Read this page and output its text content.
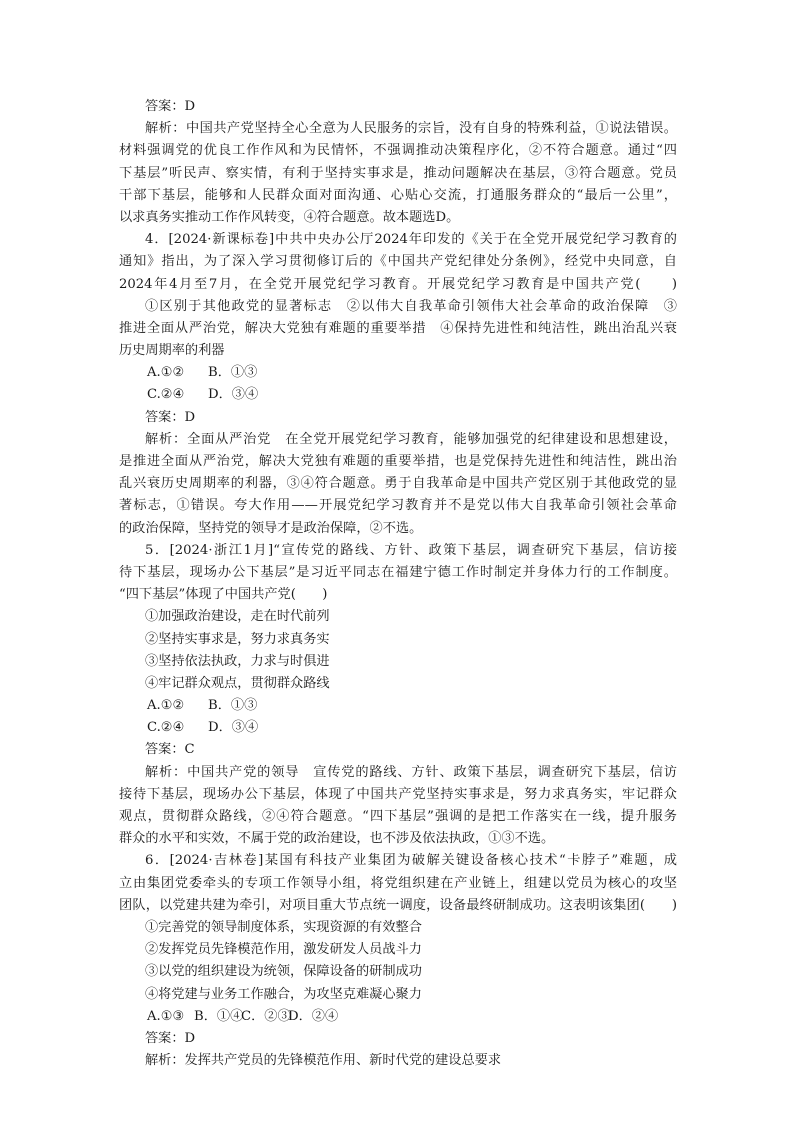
答案：D
解析：中国共产党坚持全心全意为人民服务的宗旨，没有自身的特殊利益，①说法错误。
材料强调党的优良工作作风和为民情怀，不强调推动决策程序化，②不符合题意。通过“四
下基层”听民声、察实情，有利于坚持实事求是，推动问题解决在基层，③符合题意。党员
干部下基层，能够和人民群众面对面沟通、心贴心交流，打通服务群众的“最后一公里”，
以求真务实推动工作作风转变，④符合题意。故本题选D。
4．[2024·新课标卷]中共中央办公厅2024年印发的《关于在全党开展党纪学习教育的
通知》指出，为了深入学习贯彻修订后的《中国共产党纪律处分条例》，经党中央同意，自
2024年4月至7月，在全党开展党纪学习教育。开展党纪学习教育是中国共产党(　　)
①区别于其他政党的显著标志　②以伟大自我革命引领伟大社会革命的政治保障　③
推进全面从严治党，解决大党独有难题的重要举措　④保持先进性和纯洁性，跳出治乱兴衰
历史周期率的利器
A.①② B．①③
C.②④ D．③④
答案：D
解析：全面从严治党　在全党开展党纪学习教育，能够加强党的纪律建设和思想建设，
是推进全面从严治党，解决大党独有难题的重要举措，也是党保持先进性和纯洁性，跳出治
乱兴衰历史周期率的利器，③④符合题意。勇于自我革命是中国共产党区别于其他政党的显
著标志，①错误。夸大作用——开展党纪学习教育并不是党以伟大自我革命引领社会革命
的政治保障，坚持党的领导才是政治保障，②不选。
5．[2024·浙江1月]“宣传党的路线、方针、政策下基层，调查研究下基层，信访接
待下基层，现场办公下基层”是习近平同志在福建宁德工作时制定并身体力行的工作制度。
“四下基层”体现了中国共产党(　　)
①加强政治建设，走在时代前列
②坚持实事求是，努力求真务实
③坚持依法执政，力求与时俱进
④牢记群众观点，贯彻群众路线
A.①② B．①③
C.②④ D．③④
答案：C
解析：中国共产党的领导　宣传党的路线、方针、政策下基层，调查研究下基层，信访
接待下基层，现场办公下基层，体现了中国共产党坚持实事求是，努力求真务实，牢记群众
观点，贯彻群众路线，②④符合题意。“四下基层”强调的是把工作落实在一线，提升服务
群众的水平和实效，不属于党的政治建设，也不涉及依法执政，①③不选。
6．[2024·吉林卷]某国有科技产业集团为破解关键设备核心技术“卡脖子”难题，成
立由集团党委牵头的专项工作领导小组，将党组织建在产业链上，组建以党员为核心的攻坚
团队，以党建共建为牵引，对项目重大节点统一调度，设备最终研制成功。这表明该集团(　　)
①完善党的领导制度体系，实现资源的有效整合
②发挥党员先锋模范作用，激发研发人员战斗力
③以党的组织建设为统领，保障设备的研制成功
④将党建与业务工作融合，为攻坚克难凝心聚力
A.①③ B．①④C．②③D．②④
答案：D
解析：发挥共产党员的先锋模范作用、新时代党的建设总要求
